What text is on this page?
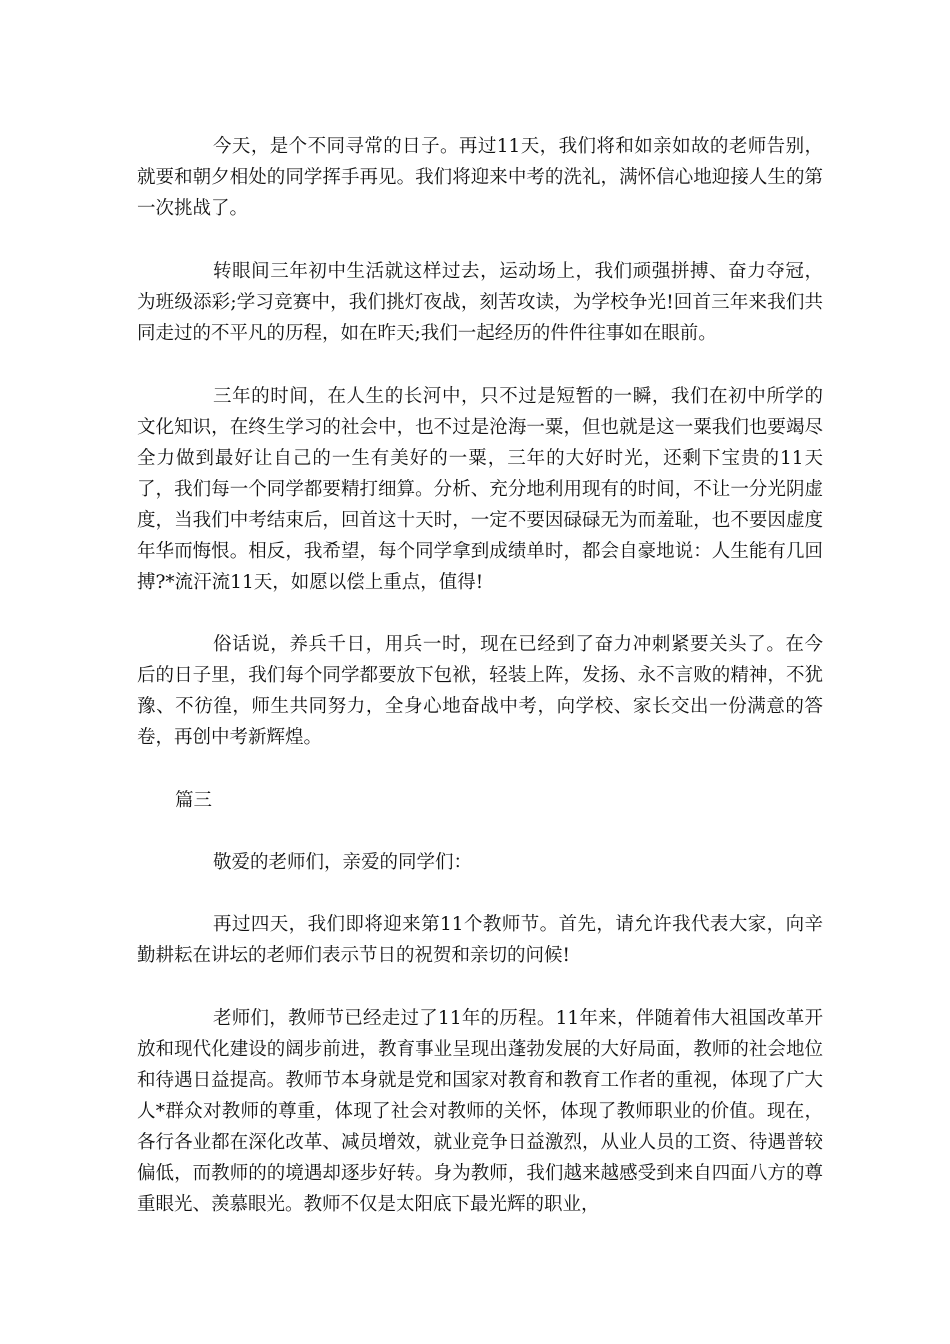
今天，是个不同寻常的日子。再过11天，我们将和如亲如故的老师告别，就要和朝夕相处的同学挥手再见。我们将迎来中考的洗礼，满怀信心地迎接人生的第一次挑战了。

转眼间三年初中生活就这样过去，运动场上，我们顽强拼搏、奋力夺冠，为班级添彩;学习竞赛中，我们挑灯夜战，刻苦攻读，为学校争光!回首三年来我们共同走过的不平凡的历程，如在昨天;我们一起经历的件件往事如在眼前。

三年的时间，在人生的长河中，只不过是短暂的一瞬，我们在初中所学的文化知识，在终生学习的社会中，也不过是沧海一粟，但也就是这一粟我们也要竭尽全力做到最好让自己的一生有美好的一粟，三年的大好时光，还剩下宝贵的11天了，我们每一个同学都要精打细算。分析、充分地利用现有的时间，不让一分光阴虚度，当我们中考结束后，回首这十天时，一定不要因碌碌无为而羞耻，也不要因虚度年华而悔恨。相反，我希望，每个同学拿到成绩单时，都会自豪地说：人生能有几回搏?*流汗流11天，如愿以偿上重点，值得!

俗话说，养兵千日，用兵一时，现在已经到了奋力冲刺紧要关头了。在今后的日子里，我们每个同学都要放下包袱，轻装上阵，发扬、永不言败的精神，不犹豫、不彷徨，师生共同努力，全身心地奋战中考，向学校、家长交出一份满意的答卷，再创中考新辉煌。

篇三

敬爱的老师们，亲爱的同学们：

再过四天，我们即将迎来第11个教师节。首先，请允许我代表大家，向辛勤耕耘在讲坛的老师们表示节日的祝贺和亲切的问候!

老师们，教师节已经走过了11年的历程。11年来，伴随着伟大祖国改革开放和现代化建设的阔步前进，教育事业呈现出蓬勃发展的大好局面，教师的社会地位和待遇日益提高。教师节本身就是党和国家对教育和教育工作者的重视，体现了广大人*群众对教师的尊重，体现了社会对教师的关怀，体现了教师职业的价值。现在，各行各业都在深化改革、减员增效，就业竞争日益激烈，从业人员的工资、待遇普较偏低，而教师的的境遇却逐步好转。身为教师，我们越来越感受到来自四面八方的尊重眼光、羡慕眼光。教师不仅是太阳底下最光辉的职业，
